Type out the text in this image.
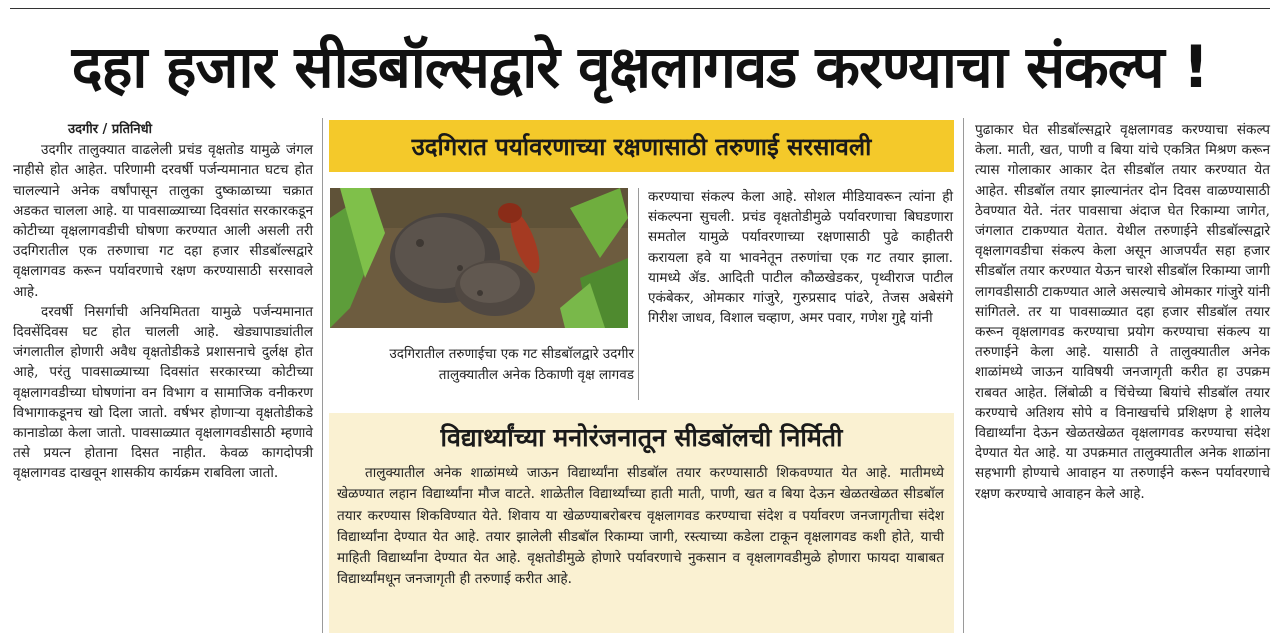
दहा हजार सीडबॉल्सद्वारे वृक्षलागवड करण्याचा संकल्प !

उदगीर / प्रतिनिधी

उदगीर तालुक्यात वाढलेली प्रचंड वृक्षतोड यामुळे जंगल नाहीसे होत आहेत. परिणामी दरवर्षी पर्जन्यमानात घटच होत चालल्याने अनेक वर्षांपासून तालुका दुष्काळाच्या चक्रात अडकत चालला आहे. या पावसाळ्याच्या दिवसांत सरकारकडून कोटीच्या वृक्षलागवडीची घोषणा करण्यात आली असली तरी उदगिरातील एक तरुणाचा गट दहा हजार सीडबॉल्सद्वारे वृक्षलागवड करून पर्यावरणाचे रक्षण करण्यासाठी सरसावले आहे.

दरवर्षी निसर्गाची अनियमितता यामुळे पर्जन्यमानात दिवसेंदिवस घट होत चालली आहे. खेड्यापाड्यांतील जंगलातील होणारी अवैध वृक्षतोडीकडे प्रशासनाचे दुर्लक्ष होत आहे, परंतु पावसाळ्याच्या दिवसांत सरकारच्या कोटीच्या वृक्षलागवडीच्या घोषणांना वन विभाग व सामाजिक वनीकरण विभागाकडूनच खो दिला जातो. वर्षभर होणाऱ्या वृक्षतोडीकडे कानाडोळा केला जातो. पावसाळ्यात वृक्षलागवडीसाठी म्हणावे तसे प्रयत्न होताना दिसत नाहीत. केवळ कागदोपत्री वृक्षलागवड दाखवून शासकीय कार्यक्रम राबविला जातो.

उदगिरात पर्यावरणाच्या रक्षणासाठी तरुणाई सरसावली
उदगिरातील तरुणाईचा एक गट सीडबॉलद्वारे उदगीर तालुक्यातील अनेक ठिकाणी वृक्ष लागवड

करण्याचा संकल्प केला आहे. सोशल मीडियावरून त्यांना ही संकल्पना सुचली. प्रचंड वृक्षतोडीमुळे पर्यावरणाचा बिघडणारा समतोल यामुळे पर्यावरणाच्या रक्षणासाठी पुढे काहीतरी करायला हवे या भावनेतून तरुणांचा एक गट तयार झाला. यामध्ये ॲड. आदिती पाटील कौळखेडकर, पृथ्वीराज पाटील एकंबेकर, ओमकार गांजुरे, गुरुप्रसाद पांढरे, तेजस अबेसंगे गिरीश जाधव, विशाल चव्हाण, अमर पवार, गणेश गुद्दे यांनी

विद्यार्थ्यांच्या मनोरंजनातून सीडबॉलची निर्मिती

तालुक्यातील अनेक शाळांमध्ये जाऊन विद्यार्थ्यांना सीडबॉल तयार करण्यासाठी शिकवण्यात येत आहे. मातीमध्ये खेळण्यात लहान विद्यार्थ्यांना मौज वाटते. शाळेतील विद्यार्थ्यांच्या हाती माती, पाणी, खत व बिया देऊन खेळतखेळत सीडबॉल तयार करण्यास शिकविण्यात येते. शिवाय या खेळण्याबरोबरच वृक्षलागवड करण्याचा संदेश व पर्यावरण जनजागृतीचा संदेश विद्यार्थ्यांना देण्यात येत आहे. तयार झालेली सीडबॉल रिकाम्या जागी, रस्त्याच्या कडेला टाकून वृक्षलागवड कशी होते, याची माहिती विद्यार्थ्यांना देण्यात येत आहे. वृक्षतोडीमुळे होणारे पर्यावरणाचे नुकसान व वृक्षलागवडीमुळे होणारा फायदा याबाबत विद्यार्थ्यांमधून जनजागृती ही तरुणाई करीत आहे.

पुढाकार घेत सीडबॉल्सद्वारे वृक्षलागवड करण्याचा संकल्प केला. माती, खत, पाणी व बिया यांचे एकत्रित मिश्रण करून त्यास गोलाकार आकार देत सीडबॉल तयार करण्यात येत आहेत. सीडबॉल तयार झाल्यानंतर दोन दिवस वाळण्यासाठी ठेवण्यात येते. नंतर पावसाचा अंदाज घेत रिकाम्या जागेत, जंगलात टाकण्यात येतात. येथील तरुणाईने सीडबॉल्सद्वारे वृक्षलागवडीचा संकल्प केला असून आजपर्यंत सहा हजार सीडबॉल तयार करण्यात येऊन चारशे सीडबॉल रिकाम्या जागी लागवडीसाठी टाकण्यात आले असल्याचे ओमकार गांजुरे यांनी सांगितले. तर या पावसाळ्यात दहा हजार सीडबॉल तयार करून वृक्षलागवड करण्याचा प्रयोग करण्याचा संकल्प या तरुणाईने केला आहे. यासाठी ते तालुक्यातील अनेक शाळांमध्ये जाऊन याविषयी जनजागृती करीत हा उपक्रम राबवत आहेत. लिंबोळी व चिंचेच्या बियांचे सीडबॉल तयार करण्याचे अतिशय सोपे व विनाखर्चाचे प्रशिक्षण हे शालेय विद्यार्थ्यांना देऊन खेळतखेळत वृक्षलागवड करण्याचा संदेश देण्यात येत आहे. या उपक्रमात तालुक्यातील अनेक शाळांना सहभागी होण्याचे आवाहन या तरुणाईने करून पर्यावरणाचे रक्षण करण्याचे आवाहन केले आहे.
